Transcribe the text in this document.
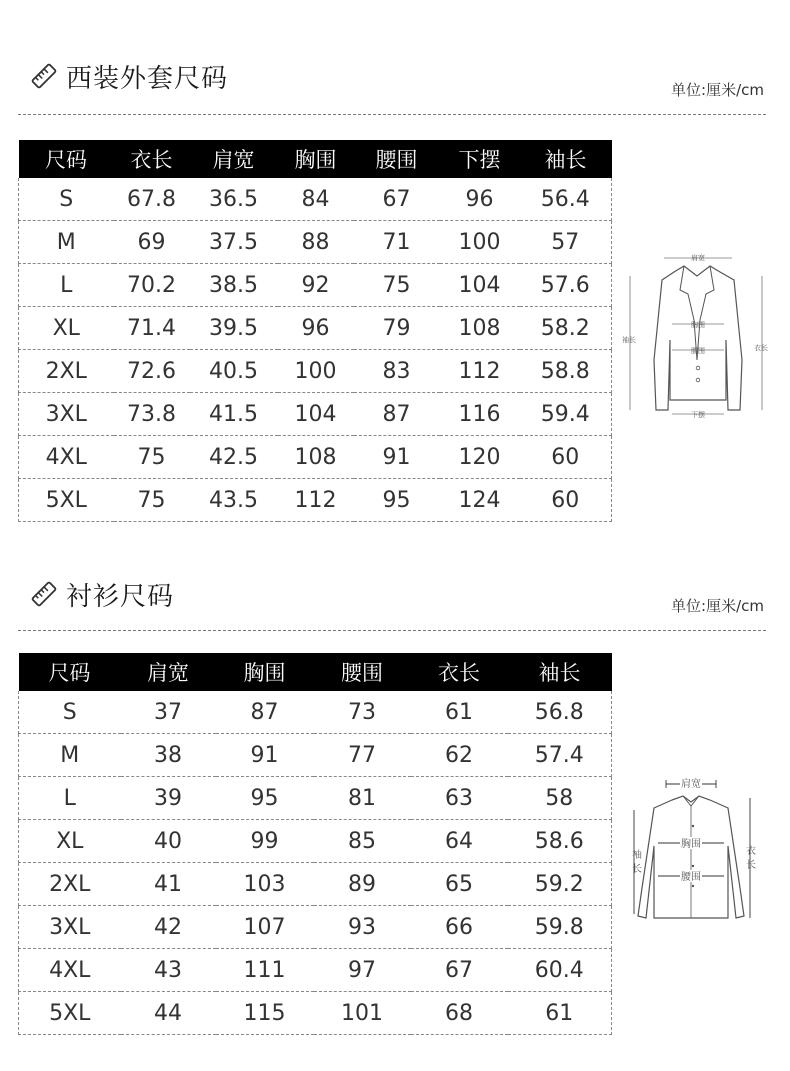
西装外套尺码	单位:厘米/cm
尺码	衣长	肩宽	胸围	腰围	下摆	袖长
S	67.8	36.5	84	67	96	56.4
M	69	37.5	88	71	100	57
L	70.2	38.5	92	75	104	57.6
XL	71.4	39.5	96	79	108	58.2
2XL	72.6	40.5	100	83	112	58.8
3XL	73.8	41.5	104	87	116	59.4
4XL	75	42.5	108	91	120	60
5XL	75	43.5	112	95	124	60
肩宽
胸围
腰围
下摆
袖长
衣长
衬衫尺码	单位:厘米/cm
尺码	肩宽	胸围	腰围	衣长	袖长
S	37	87	73	61	56.8
M	38	91	77	62	57.4
L	39	95	81	63	58
XL	40	99	85	64	58.6
2XL	41	103	89	65	59.2
3XL	42	107	93	66	59.8
4XL	43	111	97	67	60.4
5XL	44	115	101	68	61
肩宽
胸围
腰围
袖
长
衣
长
